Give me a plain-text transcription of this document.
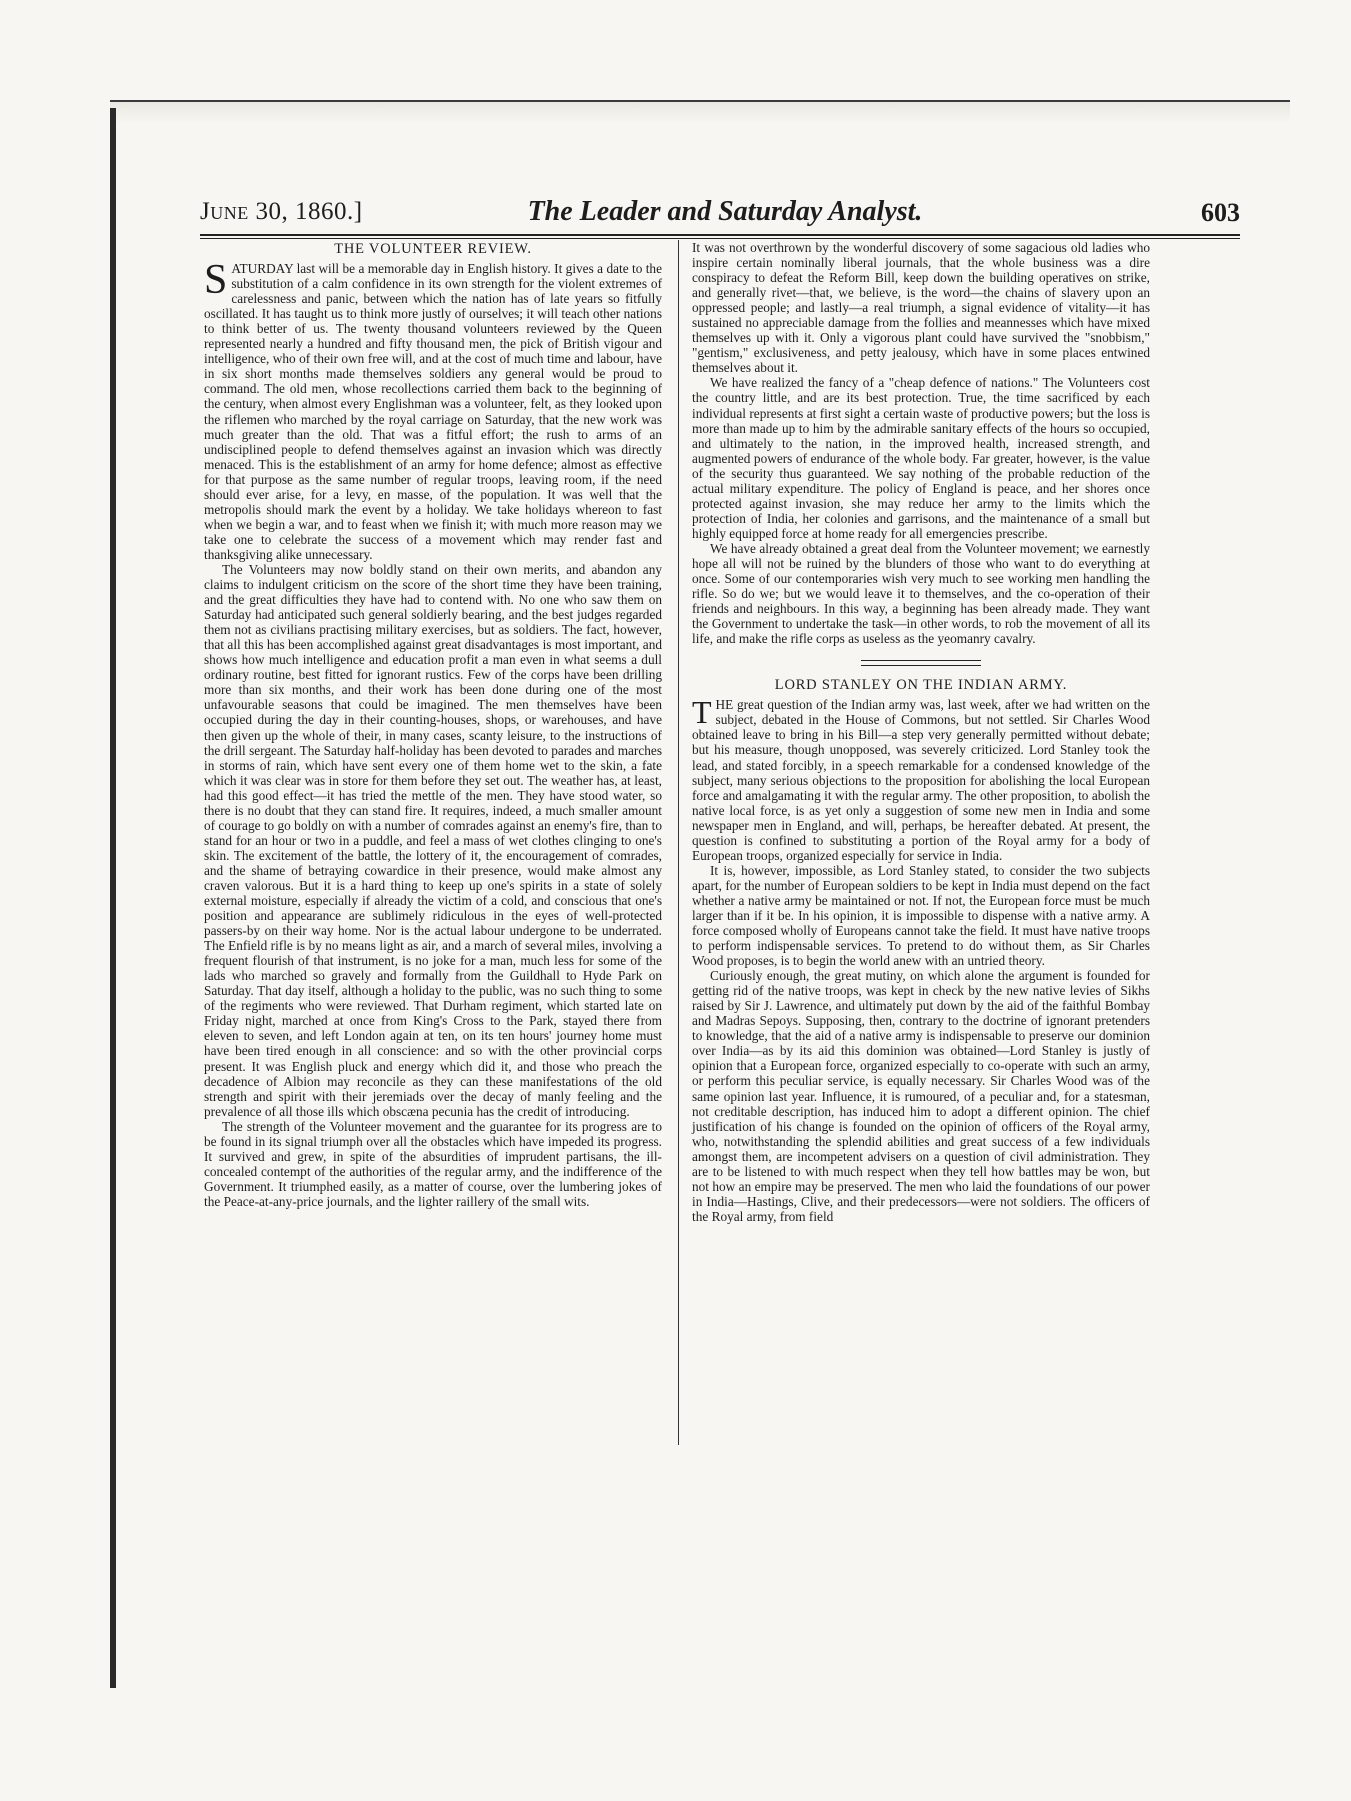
June 30, 1860.]	The Leader and Saturday Analyst.	603
THE VOLUNTEER REVIEW.

SATURDAY last will be a memorable day in English history. It gives a date to the substitution of a calm confidence in its own strength for the violent extremes of carelessness and panic, between which the nation has of late years so fitfully oscillated. It has taught us to think more justly of ourselves; it will teach other nations to think better of us. The twenty thousand volunteers reviewed by the Queen represented nearly a hundred and fifty thousand men, the pick of British vigour and intelligence, who of their own free will, and at the cost of much time and labour, have in six short months made themselves soldiers any general would be proud to command. The old men, whose recollections carried them back to the beginning of the century, when almost every Englishman was a volunteer, felt, as they looked upon the riflemen who marched by the royal carriage on Saturday, that the new work was much greater than the old. That was a fitful effort; the rush to arms of an undisciplined people to defend themselves against an invasion which was directly menaced. This is the establishment of an army for home defence; almost as effective for that purpose as the same number of regular troops, leaving room, if the need should ever arise, for a levy, en masse, of the population. It was well that the metropolis should mark the event by a holiday. We take holidays whereon to fast when we begin a war, and to feast when we finish it; with much more reason may we take one to celebrate the success of a movement which may render fast and thanksgiving alike unnecessary.

The Volunteers may now boldly stand on their own merits, and abandon any claims to indulgent criticism on the score of the short time they have been training, and the great difficulties they have had to contend with. No one who saw them on Saturday had anticipated such general soldierly bearing, and the best judges regarded them not as civilians practising military exercises, but as soldiers. The fact, however, that all this has been accomplished against great disadvantages is most important, and shows how much intelligence and education profit a man even in what seems a dull ordinary routine, best fitted for ignorant rustics. Few of the corps have been drilling more than six months, and their work has been done during one of the most unfavourable seasons that could be imagined. The men themselves have been occupied during the day in their counting-houses, shops, or warehouses, and have then given up the whole of their, in many cases, scanty leisure, to the instructions of the drill sergeant. The Saturday half-holiday has been devoted to parades and marches in storms of rain, which have sent every one of them home wet to the skin, a fate which it was clear was in store for them before they set out. The weather has, at least, had this good effect—it has tried the mettle of the men. They have stood water, so there is no doubt that they can stand fire. It requires, indeed, a much smaller amount of courage to go boldly on with a number of comrades against an enemy's fire, than to stand for an hour or two in a puddle, and feel a mass of wet clothes clinging to one's skin. The excitement of the battle, the lottery of it, the encouragement of comrades, and the shame of betraying cowardice in their presence, would make almost any craven valorous. But it is a hard thing to keep up one's spirits in a state of solely external moisture, especially if already the victim of a cold, and conscious that one's position and appearance are sublimely ridiculous in the eyes of well-protected passers-by on their way home. Nor is the actual labour undergone to be underrated. The Enfield rifle is by no means light as air, and a march of several miles, involving a frequent flourish of that instrument, is no joke for a man, much less for some of the lads who marched so gravely and formally from the Guildhall to Hyde Park on Saturday. That day itself, although a holiday to the public, was no such thing to some of the regiments who were reviewed. That Durham regiment, which started late on Friday night, marched at once from King's Cross to the Park, stayed there from eleven to seven, and left London again at ten, on its ten hours' journey home must have been tired enough in all conscience: and so with the other provincial corps present. It was English pluck and energy which did it, and those who preach the decadence of Albion may reconcile as they can these manifestations of the old strength and spirit with their jeremiads over the decay of manly feeling and the prevalence of all those ills which obscæna pecunia has the credit of introducing.

The strength of the Volunteer movement and the guarantee for its progress are to be found in its signal triumph over all the obstacles which have impeded its progress. It survived and grew, in spite of the absurdities of imprudent partisans, the ill-concealed contempt of the authorities of the regular army, and the indifference of the Government. It triumphed easily, as a matter of course, over the lumbering jokes of the Peace-at-any-price journals, and the lighter raillery of the small wits.

It was not overthrown by the wonderful discovery of some sagacious old ladies who inspire certain nominally liberal journals, that the whole business was a dire conspiracy to defeat the Reform Bill, keep down the building operatives on strike, and generally rivet—that, we believe, is the word—the chains of slavery upon an oppressed people; and lastly—a real triumph, a signal evidence of vitality—it has sustained no appreciable damage from the follies and meannesses which have mixed themselves up with it. Only a vigorous plant could have survived the "snobbism," "gentism," exclusiveness, and petty jealousy, which have in some places entwined themselves about it.

We have realized the fancy of a "cheap defence of nations." The Volunteers cost the country little, and are its best protection. True, the time sacrificed by each individual represents at first sight a certain waste of productive powers; but the loss is more than made up to him by the admirable sanitary effects of the hours so occupied, and ultimately to the nation, in the improved health, increased strength, and augmented powers of endurance of the whole body. Far greater, however, is the value of the security thus guaranteed. We say nothing of the probable reduction of the actual military expenditure. The policy of England is peace, and her shores once protected against invasion, she may reduce her army to the limits which the protection of India, her colonies and garrisons, and the maintenance of a small but highly equipped force at home ready for all emergencies prescribe.

We have already obtained a great deal from the Volunteer movement; we earnestly hope all will not be ruined by the blunders of those who want to do everything at once. Some of our contemporaries wish very much to see working men handling the rifle. So do we; but we would leave it to themselves, and the co-operation of their friends and neighbours. In this way, a beginning has been already made. They want the Government to undertake the task—in other words, to rob the movement of all its life, and make the rifle corps as useless as the yeomanry cavalry.

LORD STANLEY ON THE INDIAN ARMY.

THE great question of the Indian army was, last week, after we had written on the subject, debated in the House of Commons, but not settled. Sir Charles Wood obtained leave to bring in his Bill—a step very generally permitted without debate; but his measure, though unopposed, was severely criticized. Lord Stanley took the lead, and stated forcibly, in a speech remarkable for a condensed knowledge of the subject, many serious objections to the proposition for abolishing the local European force and amalgamating it with the regular army. The other proposition, to abolish the native local force, is as yet only a suggestion of some new men in India and some newspaper men in England, and will, perhaps, be hereafter debated. At present, the question is confined to substituting a portion of the Royal army for a body of European troops, organized especially for service in India.

It is, however, impossible, as Lord Stanley stated, to consider the two subjects apart, for the number of European soldiers to be kept in India must depend on the fact whether a native army be maintained or not. If not, the European force must be much larger than if it be. In his opinion, it is impossible to dispense with a native army. A force composed wholly of Europeans cannot take the field. It must have native troops to perform indispensable services. To pretend to do without them, as Sir Charles Wood proposes, is to begin the world anew with an untried theory.

Curiously enough, the great mutiny, on which alone the argument is founded for getting rid of the native troops, was kept in check by the new native levies of Sikhs raised by Sir J. Lawrence, and ultimately put down by the aid of the faithful Bombay and Madras Sepoys. Supposing, then, contrary to the doctrine of ignorant pretenders to knowledge, that the aid of a native army is indispensable to preserve our dominion over India—as by its aid this dominion was obtained—Lord Stanley is justly of opinion that a European force, organized especially to co-operate with such an army, or perform this peculiar service, is equally necessary. Sir Charles Wood was of the same opinion last year. Influence, it is rumoured, of a peculiar and, for a statesman, not creditable description, has induced him to adopt a different opinion. The chief justification of his change is founded on the opinion of officers of the Royal army, who, notwithstanding the splendid abilities and great success of a few individuals amongst them, are incompetent advisers on a question of civil administration. They are to be listened to with much respect when they tell how battles may be won, but not how an empire may be preserved. The men who laid the foundations of our power in India—Hastings, Clive, and their predecessors—were not soldiers. The officers of the Royal army, from field
